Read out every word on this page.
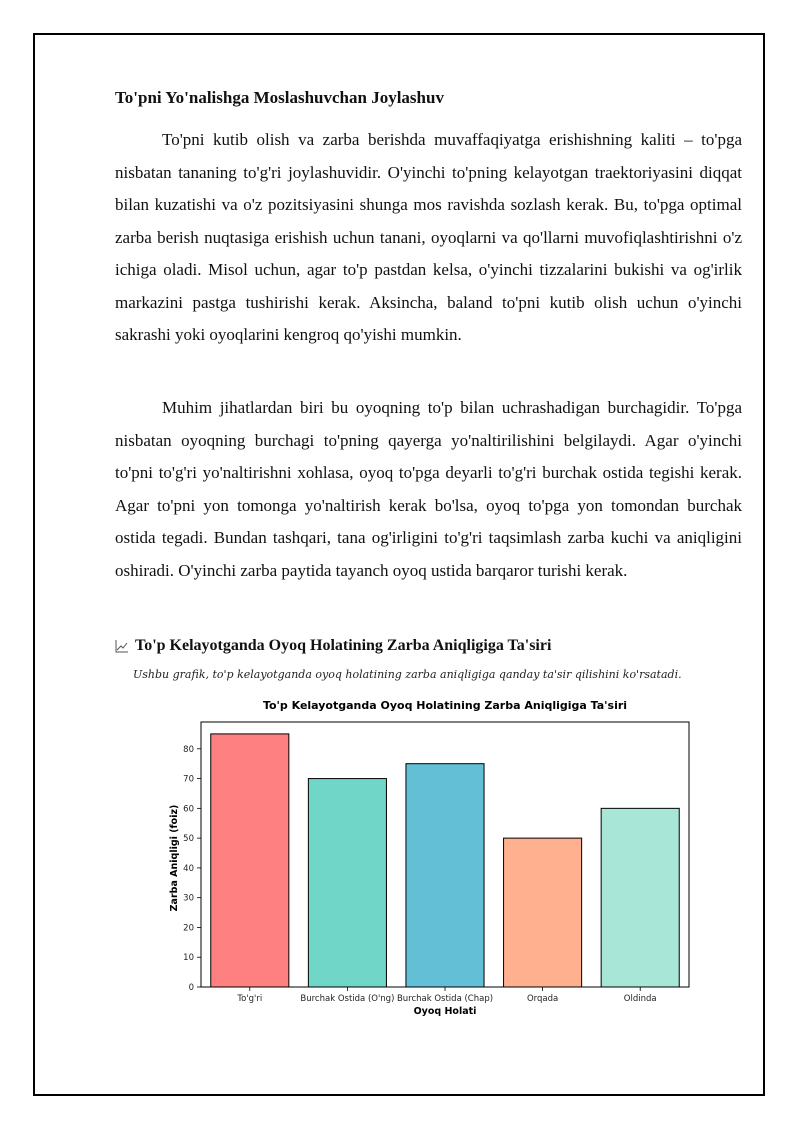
To'pni Yo'nalishga Moslashuvchan Joylashuv

To'pni kutib olish va zarba berishda muvaffaqiyatga erishishning kaliti – to'pga nisbatan tananing to'g'ri joylashuvidir. O'yinchi to'pning kelayotgan traektoriyasini diqqat bilan kuzatishi va o'z pozitsiyasini shunga mos ravishda sozlash kerak. Bu, to'pga optimal zarba berish nuqtasiga erishish uchun tanani, oyoqlarni va qo'llarni muvofiqlashtirishni o'z ichiga oladi. Misol uchun, agar to'p pastdan kelsa, o'yinchi tizzalarini bukishi va og'irlik markazini pastga tushirishi kerak. Aksincha, baland to'pni kutib olish uchun o'yinchi sakrashi yoki oyoqlarini kengroq qo'yishi mumkin.

Muhim jihatlardan biri bu oyoqning to'p bilan uchrashadigan burchagidir. To'pga nisbatan oyoqning burchagi to'pning qayerga yo'naltirilishini belgilaydi. Agar o'yinchi to'pni to'g'ri yo'naltirishni xohlasa, oyoq to'pga deyarli to'g'ri burchak ostida tegishi kerak. Agar to'pni yon tomonga yo'naltirish kerak bo'lsa, oyoq to'pga yon tomondan burchak ostida tegadi. Bundan tashqari, tana og'irligini to'g'ri taqsimlash zarba kuchi va aniqligini oshiradi. O'yinchi zarba paytida tayanch oyoq ustida barqaror turishi kerak.

To'p Kelayotganda Oyoq Holatining Zarba Aniqligiga Ta'siri
Ushbu grafik, to'p kelayotganda oyoq holatining zarba aniqligiga qanday ta'sir qilishini ko'rsatadi.
To'p Kelayotganda Oyoq Holatining Zarba Aniqligiga Ta'siri
To'g'ri	Burchak Ostida (O'ng) Burchak Ostida (Chap)	Orqada	Oldinda
0
10
20
30
40
50
60
70
80
Oyoq Holati
Zarba Aniqligi (foiz)
